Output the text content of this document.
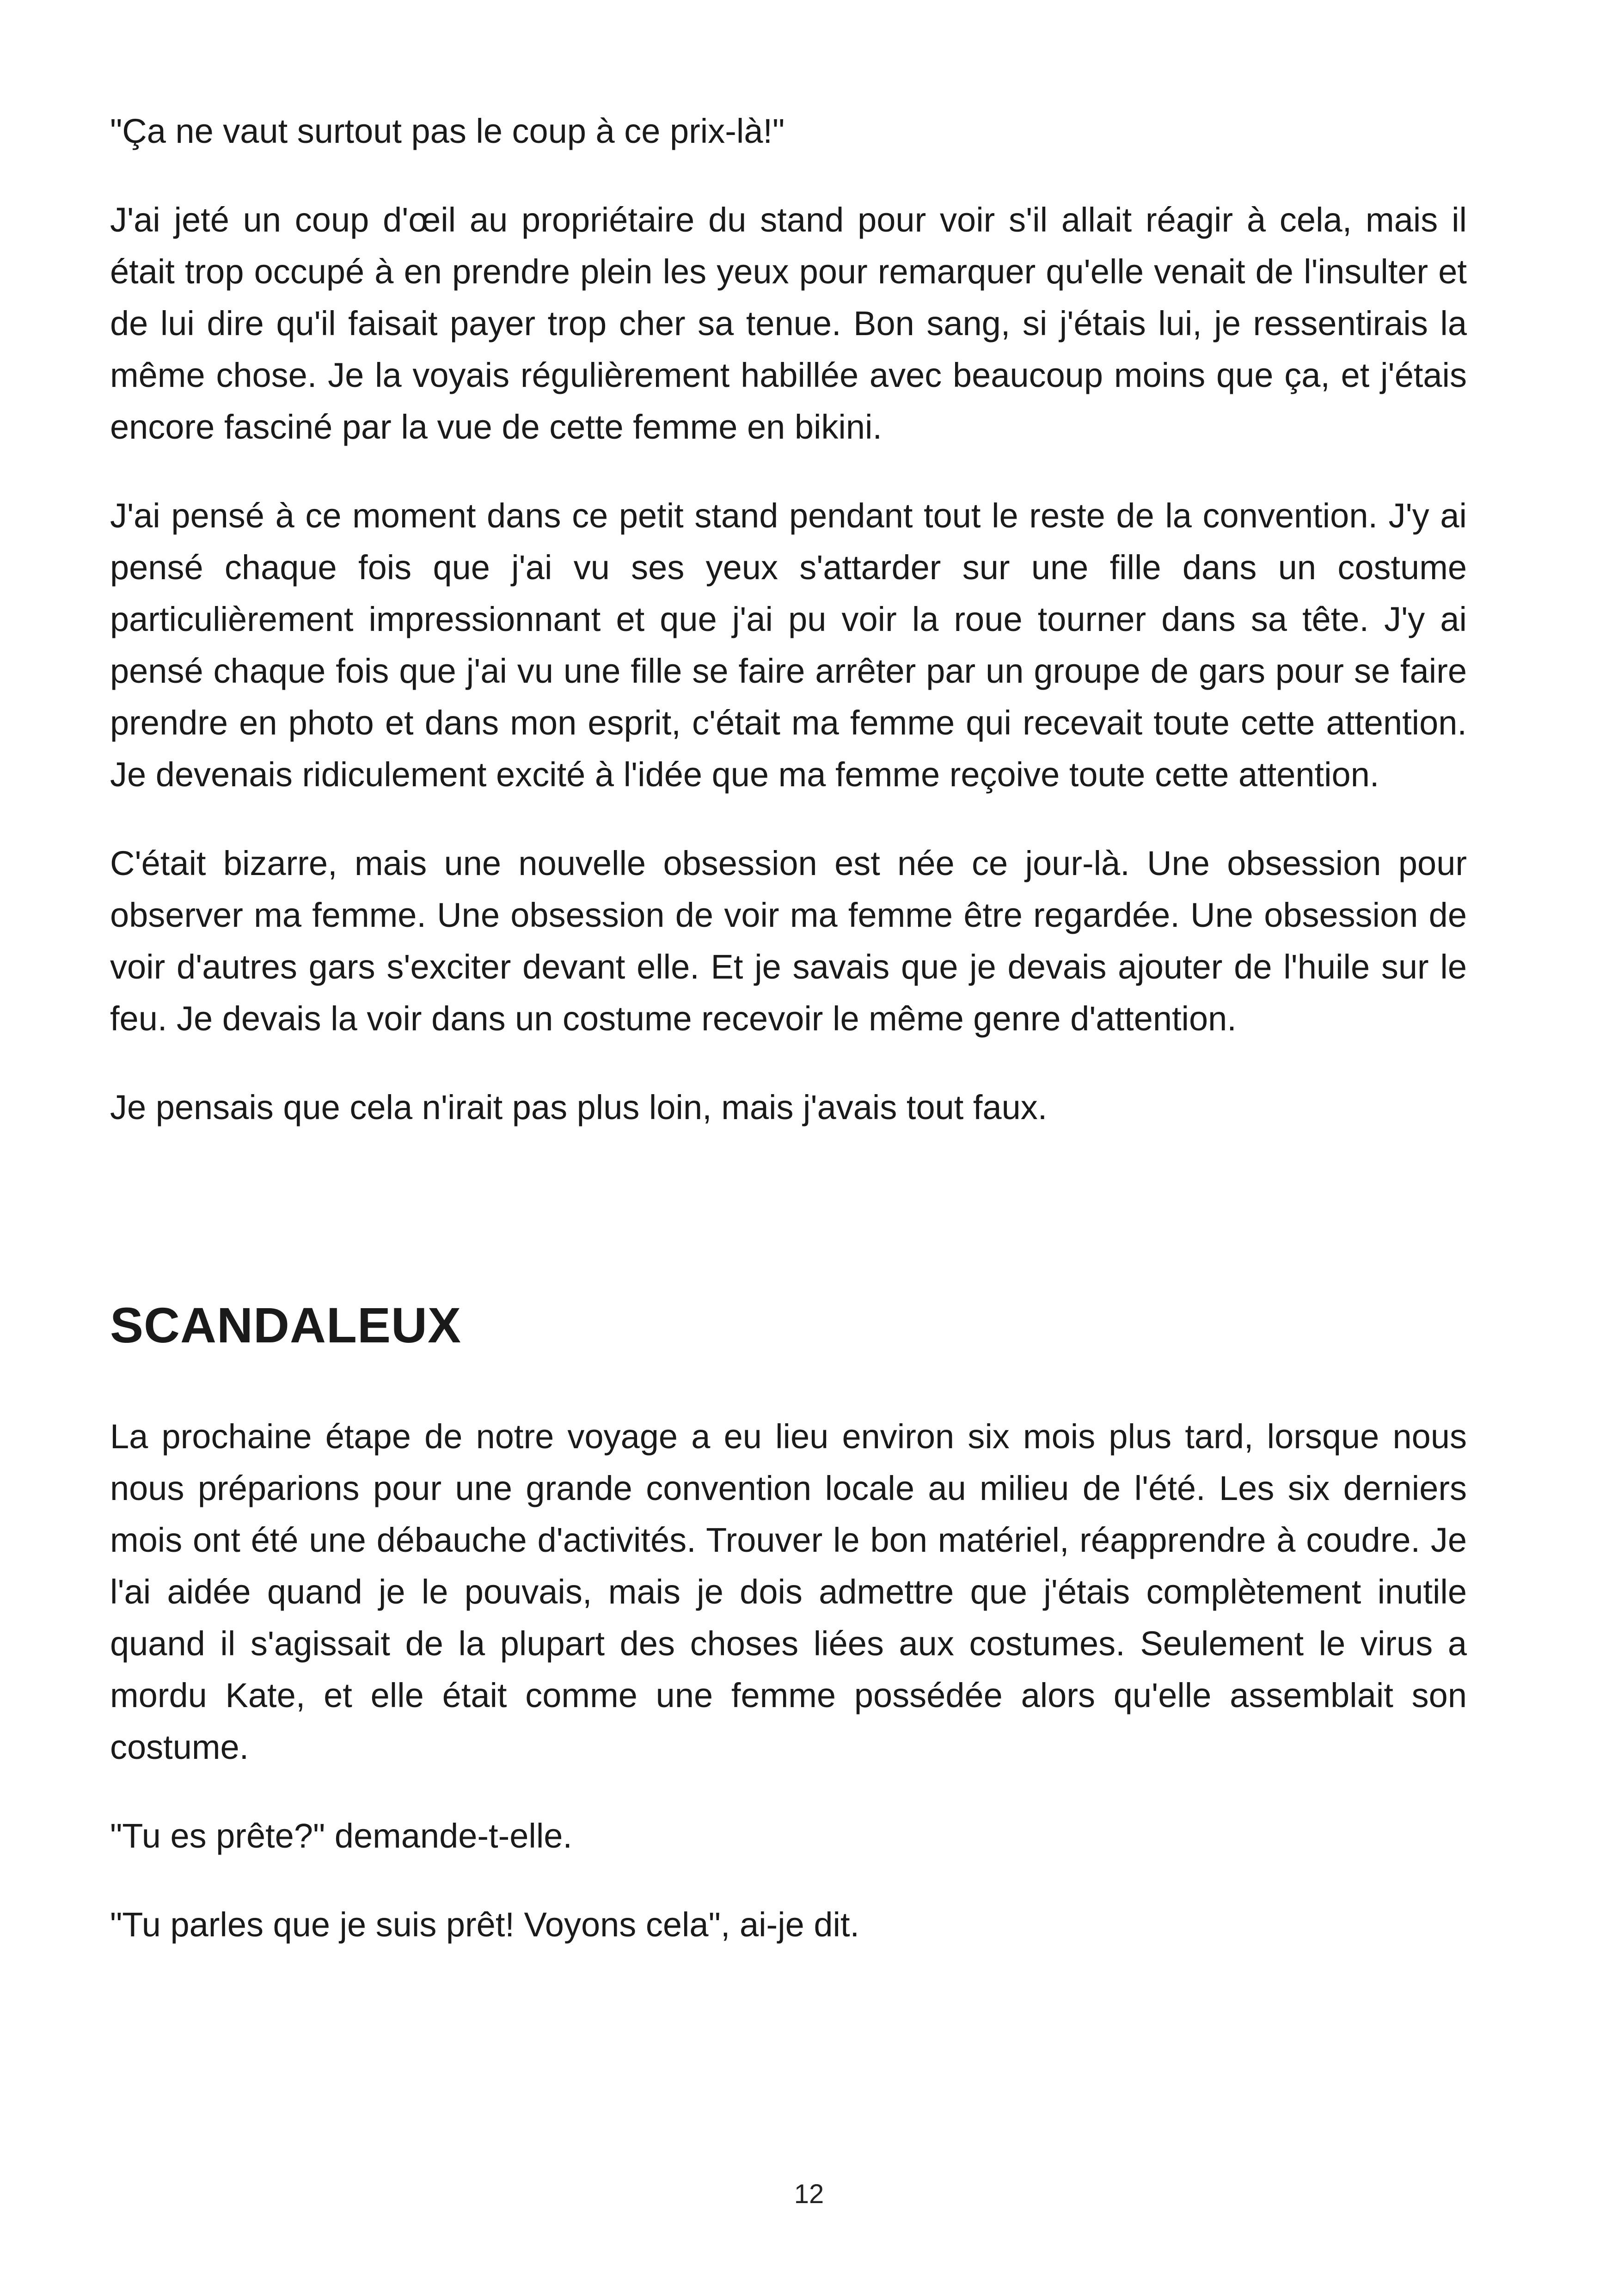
"Ça ne vaut surtout pas le coup à ce prix-là!"

J'ai jeté un coup d'œil au propriétaire du stand pour voir s'il allait réagir à cela, mais il était trop occupé à en prendre plein les yeux pour remarquer qu'elle venait de l'insulter et de lui dire qu'il faisait payer trop cher sa tenue. Bon sang, si j'étais lui, je ressentirais la même chose. Je la voyais régulièrement habillée avec beaucoup moins que ça, et j'étais encore fasciné par la vue de cette femme en bikini.

J'ai pensé à ce moment dans ce petit stand pendant tout le reste de la convention. J'y ai pensé chaque fois que j'ai vu ses yeux s'attarder sur une fille dans un costume particulièrement impressionnant et que j'ai pu voir la roue tourner dans sa tête. J'y ai pensé chaque fois que j'ai vu une fille se faire arrêter par un groupe de gars pour se faire prendre en photo et dans mon esprit, c'était ma femme qui recevait toute cette attention. Je devenais ridiculement excité à l'idée que ma femme reçoive toute cette attention.

C'était bizarre, mais une nouvelle obsession est née ce jour-là. Une obsession pour observer ma femme. Une obsession de voir ma femme être regardée. Une obsession de voir d'autres gars s'exciter devant elle. Et je savais que je devais ajouter de l'huile sur le feu. Je devais la voir dans un costume recevoir le même genre d'attention.

Je pensais que cela n'irait pas plus loin, mais j'avais tout faux.

SCANDALEUX

La prochaine étape de notre voyage a eu lieu environ six mois plus tard, lorsque nous nous préparions pour une grande convention locale au milieu de l'été. Les six derniers mois ont été une débauche d'activités. Trouver le bon matériel, réapprendre à coudre. Je l'ai aidée quand je le pouvais, mais je dois admettre que j'étais complètement inutile quand il s'agissait de la plupart des choses liées aux costumes. Seulement le virus a mordu Kate, et elle était comme une femme possédée alors qu'elle assemblait son costume.

"Tu es prête?" demande-t-elle.

"Tu parles que je suis prêt! Voyons cela", ai-je dit.

12
